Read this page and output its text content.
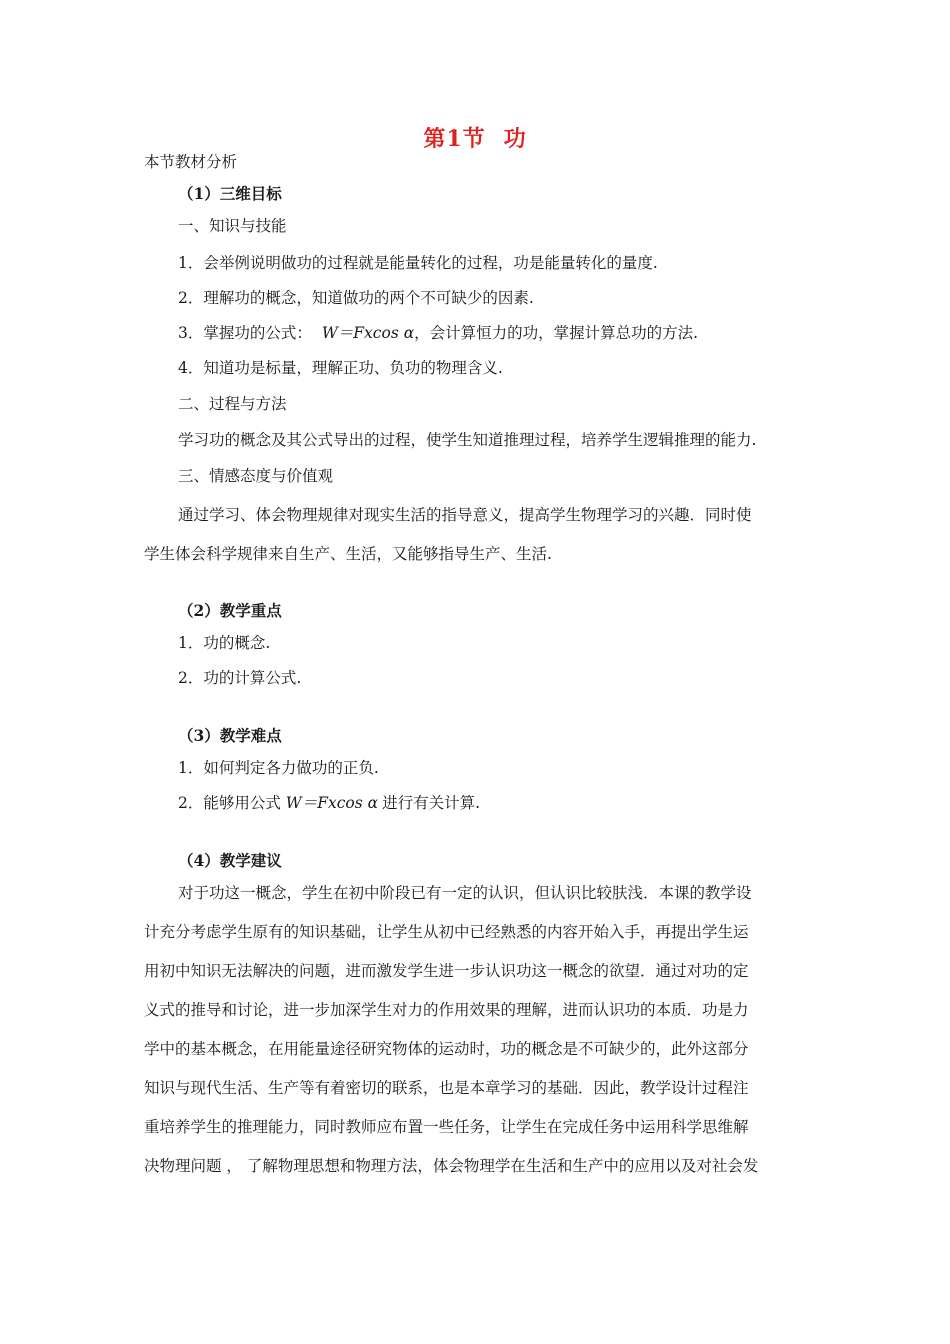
第1节 功
本节教材分析
（1）三维目标
一、知识与技能
1．会举例说明做功的过程就是能量转化的过程，功是能量转化的量度.
2．理解功的概念，知道做功的两个不可缺少的因素.
3．掌握功的公式： W＝Fxcos α，会计算恒力的功，掌握计算总功的方法.
4．知道功是标量，理解正功、负功的物理含义.
二、过程与方法
学习功的概念及其公式导出的过程，使学生知道推理过程，培养学生逻辑推理的能力.
三、情感态度与价值观
通过学习、体会物理规律对现实生活的指导意义，提高学生物理学习的兴趣．同时使
学生体会科学规律来自生产、生活，又能够指导生产、生活.
（2）教学重点
1．功的概念.
2．功的计算公式.
（3）教学难点
1．如何判定各力做功的正负.
2．能够用公式 W＝Fxcos α 进行有关计算.
（4）教学建议
对于功这一概念，学生在初中阶段已有一定的认识，但认识比较肤浅．本课的教学设
计充分考虑学生原有的知识基础，让学生从初中已经熟悉的内容开始入手，再提出学生运
用初中知识无法解决的问题，进而激发学生进一步认识功这一概念的欲望．通过对功的定
义式的推导和讨论，进一步加深学生对力的作用效果的理解，进而认识功的本质．功是力
学中的基本概念，在用能量途径研究物体的运动时，功的概念是不可缺少的，此外这部分
知识与现代生活、生产等有着密切的联系，也是本章学习的基础．因此，教学设计过程注
重培养学生的推理能力，同时教师应布置一些任务，让学生在完成任务中运用科学思维解
决物理问题 ， 了解物理思想和物理方法，体会物理学在生活和生产中的应用以及对社会发
